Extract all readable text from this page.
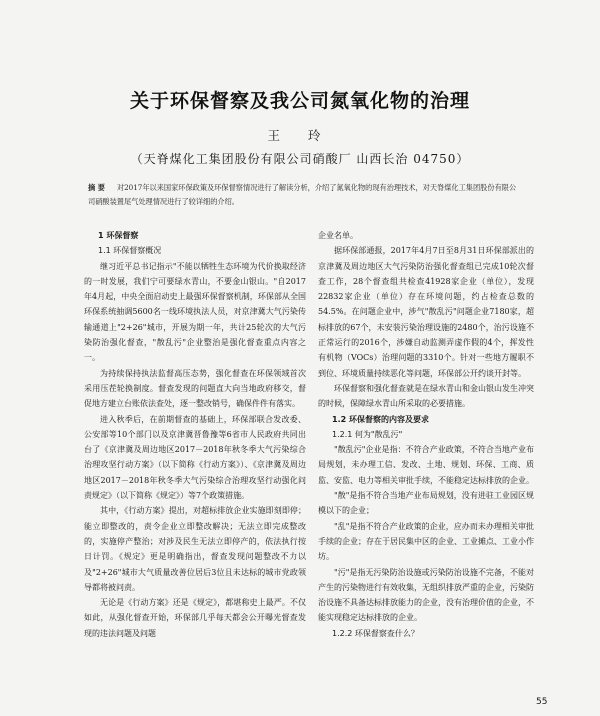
关于环保督察及我公司氮氧化物的治理
王 玲
（天脊煤化工集团股份有限公司硝酸厂 山西长治 04750）
摘 要 对2017年以来国家环保政策及环保督察情况进行了解读分析，介绍了氮氧化物的现有治理技术，对天脊煤化工集团股份有限公司硝酸装置尾气处理情况进行了较详细的介绍。

1 环保督察

1.1 环保督察概况

继习近平总书记指示"不能以牺牲生态环境为代价换取经济的一时发展，我们宁可要绿水青山，不要金山银山。"自2017年4月起，中央全面启动史上最强环保督察机制，环保部从全国环保系统抽调5600名一线环境执法人员，对京津冀大气污染传输通道上"2+26"城市，开展为期一年，共计25轮次的大气污染防治强化督查，"散乱污"企业整治是强化督查重点内容之一。

为持续保持执法监督高压态势，强化督查在环保领域首次采用压茬轮换制度。督查发现的问题直大向当地政府移交，督促地方建立台账依法查处，逐一整改销号，确保件件有落实。

进入秋季后，在前期督查的基础上，环保部联合发改委、公安部等10个部门以及京津冀晋鲁豫等6省市人民政府共同出台了《京津冀及周边地区2017－2018年秋冬季大气污染综合治理攻坚行动方案》（以下简称《行动方案》）、《京津冀及周边地区2017－2018年秋冬季大气污染综合治理攻坚行动强化问责规定》（以下简称《规定》）等7个政策措施。

其中，《行动方案》提出，对超标排放企业实施即刻即停；能立即整改的，责令企业立即整改解决；无法立即完成整改的，实施停产整治；对涉及民生无法立即停产的，依法执行按日计罚。《规定》更是明确指出，督查发现问题整改不力以及"2+26"城市大气质量改善位居后3位且未达标的城市党政领导都将被问责。

无论是《行动方案》还是《规定》，都堪称史上最严。不仅如此，从强化督查开始，环保部几乎每天都会公开曝光督查发现的违法问题及问题

企业名单。

据环保部通报，2017年4月7日至8月31日环保部派出的京津冀及周边地区大气污染防治强化督查组已完成10轮次督查工作，28个督查组共检查41928家企业（单位），发现22832家企业（单位）存在环境问题，约占检查总数的54.5%。在问题企业中，涉气"散乱污"问题企业7180家，超标排放的67个，未安装污染治理设施的2480个，治污设施不正常运行的2016个，涉嫌自动监测弄虚作假的4个，挥发性有机物（VOCs）治理问题的3310个。针对一些地方履职不到位、环境质量持续恶化等问题，环保部公开约谈开封等。

环保督察和强化督查就是在绿水青山和金山银山发生冲突的时候，保障绿水青山所采取的必要措施。

1.2 环保督察的内容及要求

1.2.1 何为"散乱污"

"散乱污"企业是指：不符合产业政策，不符合当地产业布局规划，未办理工信、发改、土地、规划、环保、工商、质监、安监、电力等相关审批手续，不能稳定达标排放的企业。

"散"是指不符合当地产业布局规划，没有进驻工业园区规模以下的企业；

"乱"是指不符合产业政策的企业，应办而未办理相关审批手续的企业；存在于居民集中区的企业、工业摊点、工业小作坊。

"污"是指无污染防治设施或污染防治设施不完备，不能对产生的污染物进行有效收集，无组织排放严重的企业，污染防治设施不具备达标排放能力的企业，没有治理价值的企业，不能实现稳定达标排放的企业。

1.2.2 环保督察查什么？

55
